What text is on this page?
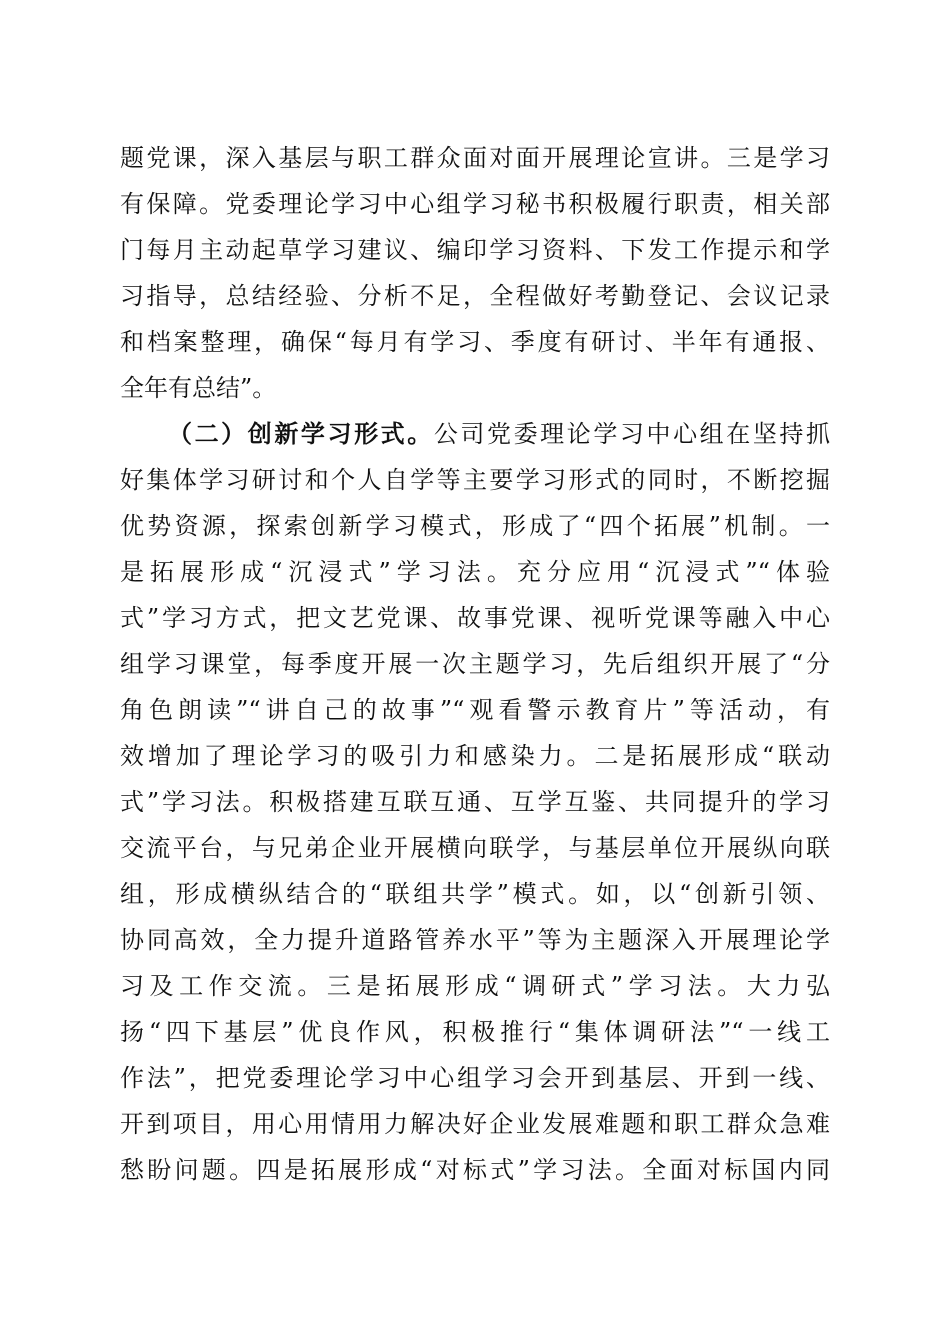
题党课，深入基层与职工群众面对面开展理论宣讲。三是学习
有保障。党委理论学习中心组学习秘书积极履行职责，相关部
门每月主动起草学习建议、编印学习资料、下发工作提示和学
习指导，总结经验、分析不足，全程做好考勤登记、会议记录
和档案整理，确保“每月有学习、季度有研讨、半年有通报、
全年有总结”。
（二）创新学习形式。公司党委理论学习中心组在坚持抓
好集体学习研讨和个人自学等主要学习形式的同时，不断挖掘
优势资源，探索创新学习模式，形成了“四个拓展”机制。一
是拓展形成“沉浸式”学习法。充分应用“沉浸式”“体验
式”学习方式，把文艺党课、故事党课、视听党课等融入中心
组学习课堂，每季度开展一次主题学习，先后组织开展了“分
角色朗读”“讲自己的故事”“观看警示教育片”等活动，有
效增加了理论学习的吸引力和感染力。二是拓展形成“联动
式”学习法。积极搭建互联互通、互学互鉴、共同提升的学习
交流平台，与兄弟企业开展横向联学，与基层单位开展纵向联
组，形成横纵结合的“联组共学”模式。如，以“创新引领、
协同高效，全力提升道路管养水平”等为主题深入开展理论学
习及工作交流。三是拓展形成“调研式”学习法。大力弘
扬“四下基层”优良作风，积极推行“集体调研法”“一线工
作法”，把党委理论学习中心组学习会开到基层、开到一线、
开到项目，用心用情用力解决好企业发展难题和职工群众急难
愁盼问题。四是拓展形成“对标式”学习法。全面对标国内同
